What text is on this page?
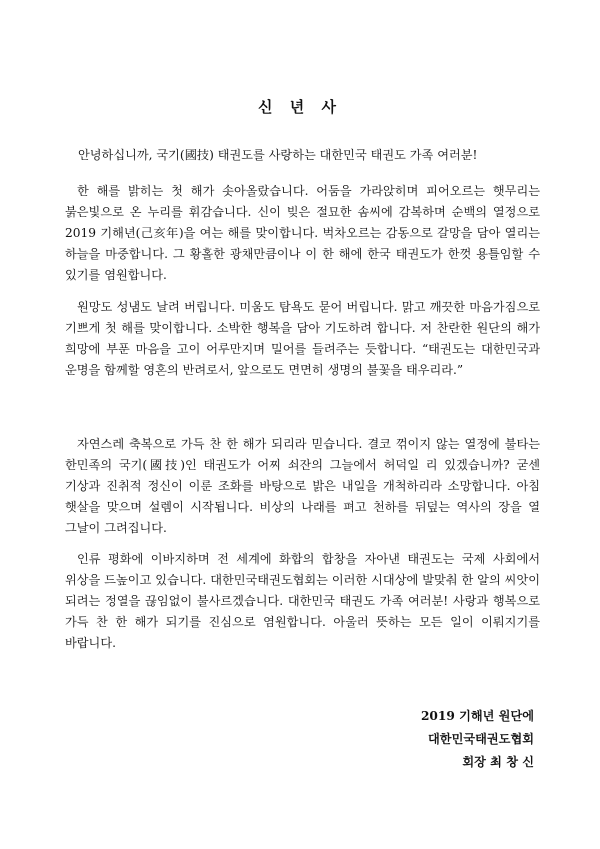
신 년 사
안녕하십니까, 국기(國技) 태권도를 사랑하는 대한민국 태권도 가족 여러분!

한 해를 밝히는 첫 해가 솟아올랐습니다. 어둠을 가라앉히며 피어오르는 햇무리는 붉은빛으로 온 누리를 휘감습니다. 신이 빚은 절묘한 솜씨에 감복하며 순백의 열정으로 2019 기해년(己亥年)을 여는 해를 맞이합니다. 벅차오르는 감동으로 갈망을 담아 열리는 하늘을 마중합니다. 그 황홀한 광채만큼이나 이 한 해에 한국 태권도가 한껏 용틀임할 수 있기를 염원합니다.

원망도 성냄도 날려 버립니다. 미움도 탐욕도 묻어 버립니다. 맑고 깨끗한 마음가짐으로 기쁘게 첫 해를 맞이합니다. 소박한 행복을 담아 기도하려 합니다. 저 찬란한 원단의 해가 희망에 부푼 마음을 고이 어루만지며 밀어를 들려주는 듯합니다. “태권도는 대한민국과 운명을 함께할 영혼의 반려로서, 앞으로도 면면히 생명의 불꽃을 태우리라.”

자연스레 축복으로 가득 찬 한 해가 되리라 믿습니다. 결코 꺾이지 않는 열정에 불타는 한민족의 국기(國技)인 태권도가 어찌 쇠잔의 그늘에서 허덕일 리 있겠습니까? 굳센 기상과 진취적 정신이 이룬 조화를 바탕으로 밝은 내일을 개척하리라 소망합니다. 아침 햇살을 맞으며 설렘이 시작됩니다. 비상의 나래를 펴고 천하를 뒤덮는 역사의 장을 열 그날이 그려집니다.

인류 평화에 이바지하며 전 세계에 화합의 합창을 자아낸 태권도는 국제 사회에서 위상을 드높이고 있습니다. 대한민국태권도협회는 이러한 시대상에 발맞춰 한 알의 씨앗이 되려는 정열을 끊임없이 불사르겠습니다. 대한민국 태권도 가족 여러분! 사랑과 행복으로 가득 찬 한 해가 되기를 진심으로 염원합니다. 아울러 뜻하는 모든 일이 이뤄지기를 바랍니다.

2019 기해년 원단에
대한민국태권도협회
회장 최 창 신
